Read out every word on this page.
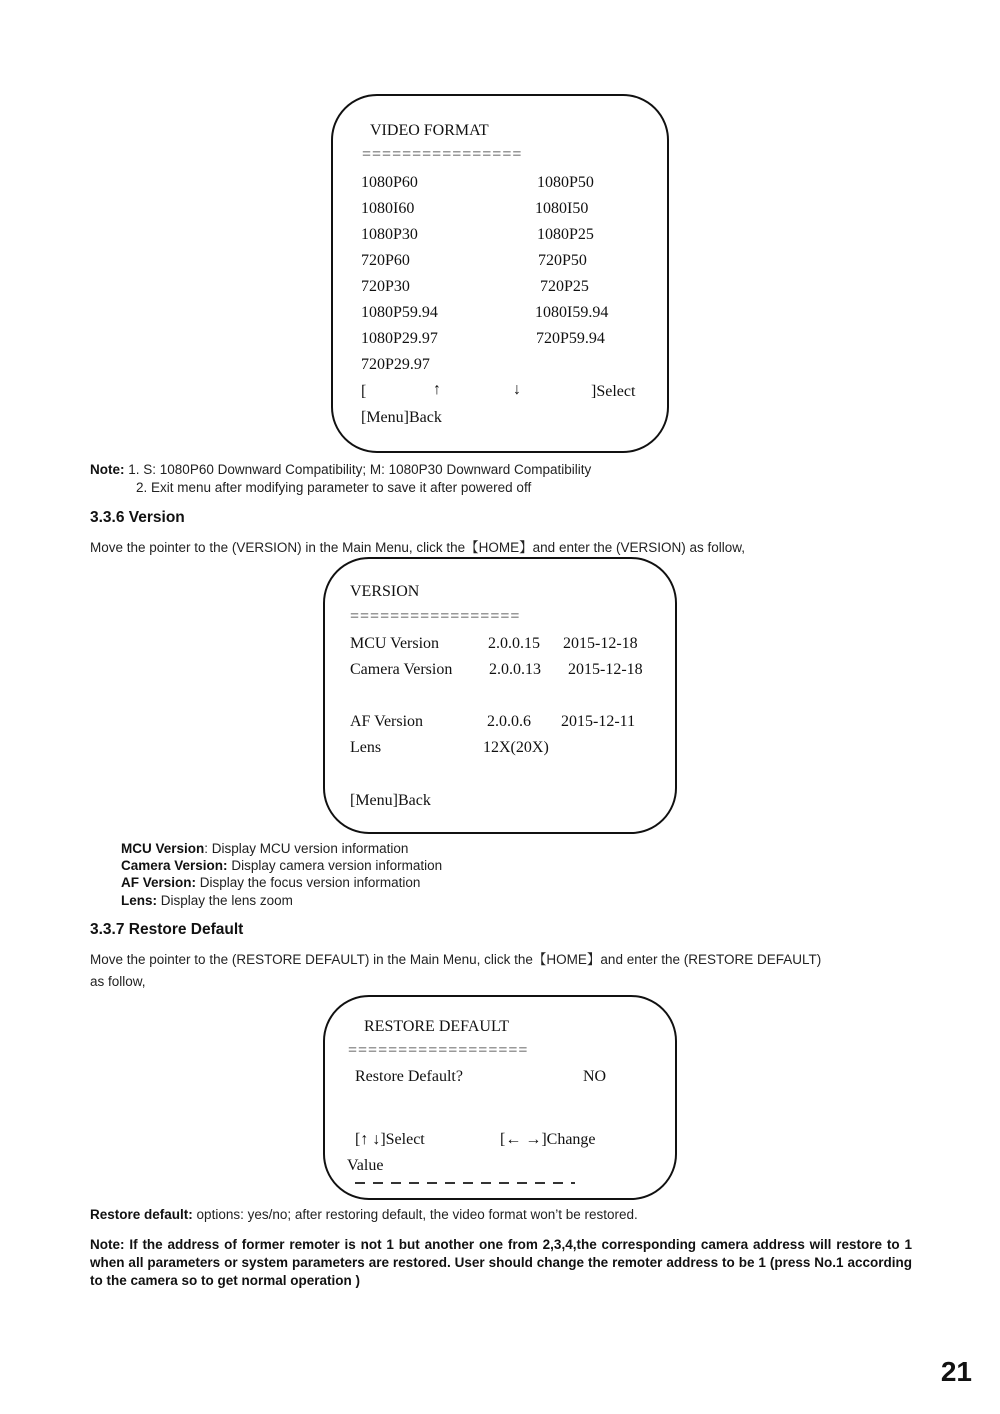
VIDEO FORMAT
================
1080P60	1080P50
1080I60	1080I50
1080P30	1080P25
720P60	720P50
720P30	720P25
1080P59.94	1080I59.94
1080P29.97	720P59.94
720P29.97
[	↑	↓	]Select
[Menu]Back
Note: 1. S: 1080P60 Downward Compatibility; M: 1080P30 Downward Compatibility
2. Exit menu after modifying parameter to save it after powered off
3.3.6 Version
Move the pointer to the (VERSION) in the Main Menu, click the【HOME】and enter the (VERSION) as follow,
VERSION
=================
MCU Version	2.0.0.15 2015-12-18
Camera Version 2.0.0.13 2015-12-18
AF Version	2.0.0.6 2015-12-11
Lens	12X(20X)
[Menu]Back
MCU Version: Display MCU version information
Camera Version: Display camera version information
AF Version: Display the focus version information
Lens: Display the lens zoom
3.3.7 Restore Default
Move the pointer to the (RESTORE DEFAULT) in the Main Menu, click the【HOME】and enter the (RESTORE DEFAULT)
as follow,
RESTORE DEFAULT
==================
Restore Default?	NO
[↑ ↓]Select	[← →]Change
Value
Restore default: options: yes/no; after restoring default, the video format won’t be restored.
Note: If the address of former remoter is not 1 but another one from 2,3,4,the corresponding camera address will restore to 1 when all parameters or system parameters are restored. User should change the remoter address to be 1 (press No.1 according to the camera so to get normal operation )
21
